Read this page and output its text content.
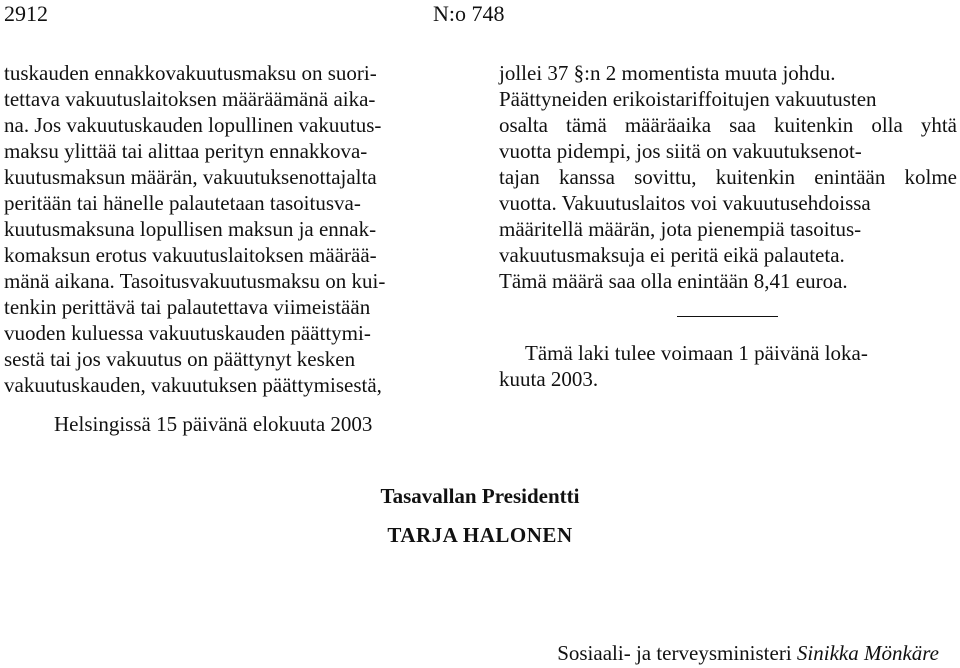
2912	N:o 748
tuskauden ennakkovakuutusmaksu on suori-
tettava vakuutuslaitoksen määräämänä aika-
na. Jos vakuutuskauden lopullinen vakuutus-
maksu ylittää tai alittaa perityn ennakkova-
kuutusmaksun määrän, vakuutuksenottajalta
peritään tai hänelle palautetaan tasoitusva-
kuutusmaksuna lopullisen maksun ja ennak-
komaksun erotus vakuutuslaitoksen määrää-
mänä aikana. Tasoitusvakuutusmaksu on kui-
tenkin perittävä tai palautettava viimeistään
vuoden kuluessa vakuutuskauden päättymi-
sestä tai jos vakuutus on päättynyt kesken
vakuutuskauden, vakuutuksen päättymisestä,
jollei 37 §:n 2 momentista muuta johdu.
Päättyneiden erikoistariffoitujen vakuutusten
osalta tämä määräaika saa kuitenkin olla yhtä
vuotta pidempi, jos siitä on vakuutuksenot-
tajan kanssa sovittu, kuitenkin enintään kolme
vuotta. Vakuutuslaitos voi vakuutusehdoissa
määritellä määrän, jota pienempiä tasoitus-
vakuutusmaksuja ei peritä eikä palauteta.
Tämä määrä saa olla enintään 8,41 euroa.
Tämä laki tulee voimaan 1 päivänä loka-
kuuta 2003.
Helsingissä 15 päivänä elokuuta 2003
Tasavallan Presidentti
TARJA HALONEN
Sosiaali- ja terveysministeri Sinikka Mönkäre
